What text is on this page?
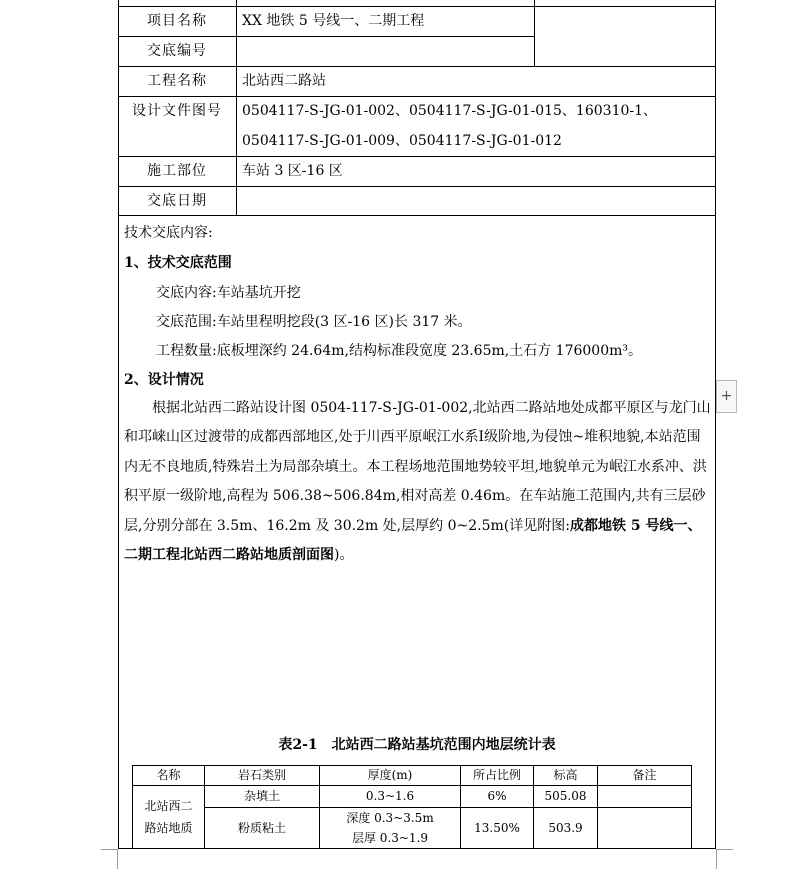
项目名称	XX 地铁 5 号线一、二期工程
交底编号
工程名称	北站西二路站
设计文件图号	0504117-S-JG-01-002、0504117-S-JG-01-015、160310-1、
0504117-S-JG-01-009、0504117-S-JG-01-012
施工部位	车站 3 区-16 区
交底日期
技术交底内容:
1、技术交底范围
交底内容:车站基坑开挖
交底范围:车站里程明挖段(3 区-16 区)长 317 米。
工程数量:底板埋深约 24.64m,结构标准段宽度 23.65m,土石方 176000m³。
2、设计情况

根据北站西二路站设计图 0504-117-S-JG-01-002,北站西二路站地处成都平原区与龙门山和邛崃山区过渡带的成都西部地区,处于川西平原岷江水系Ⅰ级阶地,为侵蚀~堆积地貌,本站范围内无不良地质,特殊岩土为局部杂填土。本工程场地范围地势较平坦,地貌单元为岷江水系冲、洪积平原一级阶地,高程为 506.38~506.84m,相对高差 0.46m。在车站施工范围内,共有三层砂层,分别分部在 3.5m、16.2m 及 30.2m 处,层厚约 0~2.5m(详见附图:成都地铁 5 号线一、二期工程北站西二路站地质剖面图)。

表2-1　北站西二路站基坑范围内地层统计表
名称	岩石类别	厚度(m)	所占比例	标高	备注
北站西二路站地质	杂填土	0.3~1.6	6%	505.08	
	粉质粘土	深度 0.3~3.5m
层厚 0.3~1.9	13.50%	503.9	
+
